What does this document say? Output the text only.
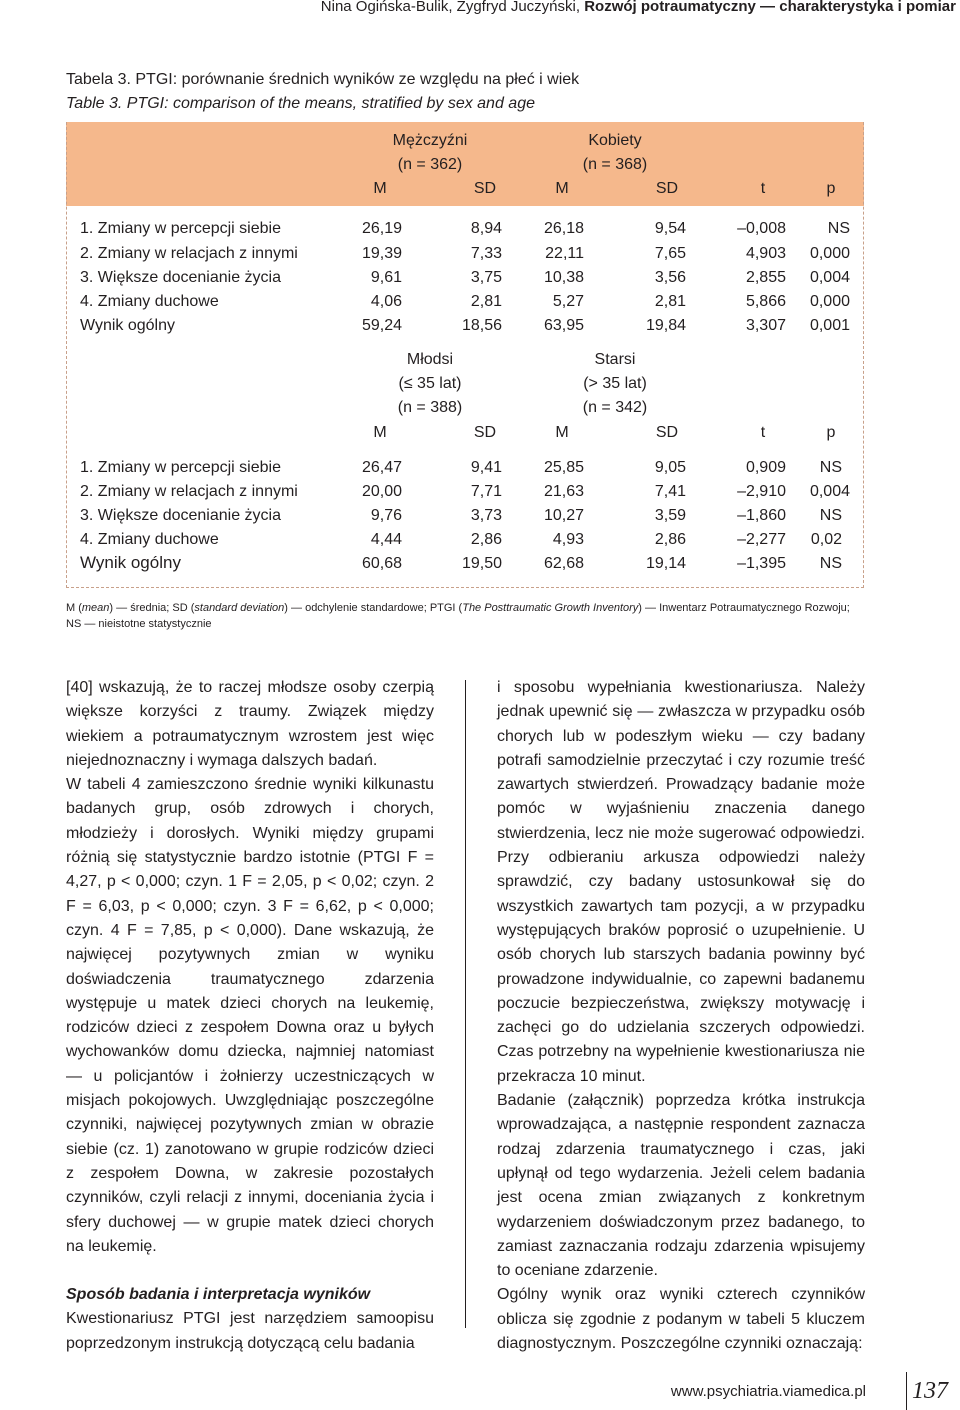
Nina Ogińska-Bulik, Zygfryd Juczyński, Rozwój potraumatyczny — charakterystyka i pomiar
Tabela 3. PTGI: porównanie średnich wyników ze względu na płeć i wiek
Table 3. PTGI: comparison of the means, stratified by sex and age
Mężczyźni
(n = 362)
Kobiety
(n = 368)
M	SD	M	SD	t	p
1. Zmiany w percepcji siebie	26,19	8,94	26,18	9,54	–0,008	NS
2. Zmiany w relacjach z innymi	19,39	7,33	22,11	7,65	4,903	0,000
3. Większe docenianie życia	9,61	3,75	10,38	3,56	2,855	0,004
4. Zmiany duchowe	4,06	2,81	5,27	2,81	5,866	0,000
Wynik ogólny	59,24	18,56	63,95	19,84	3,307	0,001
Młodsi
(≤ 35 lat)
(n = 388)
Starsi
(> 35 lat)
(n = 342)
M	SD	M	SD	t	p
1. Zmiany w percepcji siebie	26,47	9,41	25,85	9,05	0,909	NS
2. Zmiany w relacjach z innymi	20,00	7,71	21,63	7,41	–2,910	0,004
3. Większe docenianie życia	9,76	3,73	10,27	3,59	–1,860	NS
4. Zmiany duchowe	4,44	2,86	4,93	2,86	–2,277	0,02
Wynik ogólny	60,68	19,50	62,68	19,14	–1,395	NS
M (mean) — średnia; SD (standard deviation) — odchylenie standardowe; PTGI (The Posttraumatic Growth Inventory) — Inwentarz Potraumatycznego Rozwoju; NS — nieistotne statystycznie

[40] wskazują, że to raczej młodsze osoby czerpią większe korzyści z traumy. Związek między wiekiem a potraumatycznym wzrostem jest więc niejednoznaczny i wymaga dalszych badań.

W tabeli 4 zamieszczono średnie wyniki kilkunastu badanych grup, osób zdrowych i chorych, młodzieży i dorosłych. Wyniki między grupami różnią się statystycznie bardzo istotnie (PTGI F = 4,27, p < 0,000; czyn. 1 F = 2,05, p < 0,02; czyn. 2 F = 6,03, p < 0,000; czyn. 3 F = 6,62, p < 0,000; czyn. 4 F = 7,85, p < 0,000). Dane wskazują, że najwięcej pozytywnych zmian w wyniku doświadczenia traumatycznego zdarzenia występuje u matek dzieci chorych na leukemię, rodziców dzieci z zespołem Downa oraz u byłych wychowanków domu dziecka, najmniej natomiast — u policjantów i żołnierzy uczestniczących w misjach pokojowych. Uwzględniając poszczególne czynniki, najwięcej pozytywnych zmian w obrazie siebie (cz. 1) zanotowano w grupie rodziców dzieci z zespołem Downa, w zakresie pozostałych czynników, czyli relacji z innymi, doceniania życia i sfery duchowej — w grupie matek dzieci chorych na leukemię.

Sposób badania i interpretacja wyników

Kwestionariusz PTGI jest narzędziem samoopisu poprzedzonym instrukcją dotyczącą celu badania

i sposobu wypełniania kwestionariusza. Należy jednak upewnić się — zwłaszcza w przypadku osób chorych lub w podeszłym wieku — czy badany potrafi samodzielnie przeczytać i czy rozumie treść zawartych stwierdzeń. Prowadzący badanie może pomóc w wyjaśnieniu znaczenia danego stwierdzenia, lecz nie może sugerować odpowiedzi. Przy odbieraniu arkusza odpowiedzi należy sprawdzić, czy badany ustosunkował się do wszystkich zawartych tam pozycji, a w przypadku występujących braków poprosić o uzupełnienie. U osób chorych lub starszych badania powinny być prowadzone indywidualnie, co zapewni badanemu poczucie bezpieczeństwa, zwiększy motywację i zachęci go do udzielania szczerych odpowiedzi. Czas potrzebny na wypełnienie kwestionariusza nie przekracza 10 minut.

Badanie (załącznik) poprzedza krótka instrukcja wprowadzająca, a następnie respondent zaznacza rodzaj zdarzenia traumatycznego i czas, jaki upłynął od tego wydarzenia. Jeżeli celem badania jest ocena zmian związanych z konkretnym wydarzeniem doświadczonym przez badanego, to zamiast zaznaczania rodzaju zdarzenia wpisujemy to oceniane zdarzenie.

Ogólny wynik oraz wyniki czterech czynników oblicza się zgodnie z podanym w tabeli 5 kluczem diagnostycznym. Poszczególne czynniki oznaczają:

www.psychiatria.viamedica.pl 137
